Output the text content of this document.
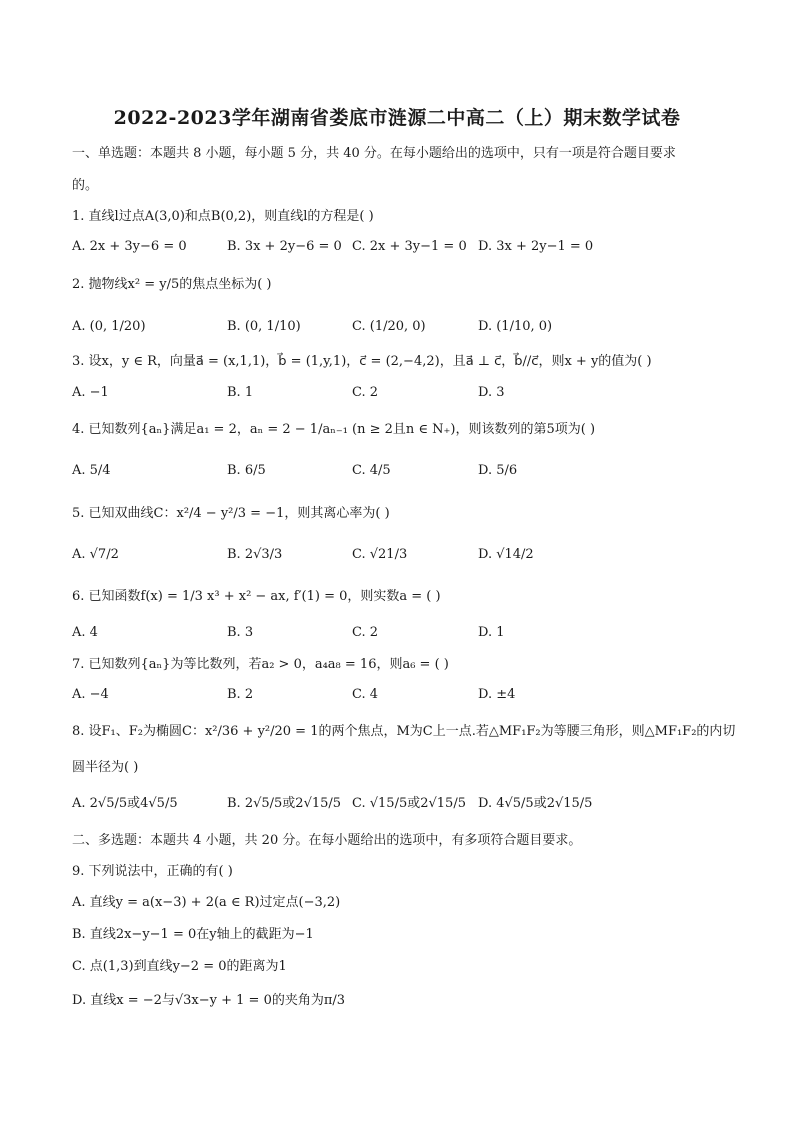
2022-2023学年湖南省娄底市涟源二中高二（上）期末数学试卷
一、单选题：本题共 8 小题，每小题 5 分，共 40 分。在每小题给出的选项中，只有一项是符合题目要求
的。
1. 直线l过点A(3,0)和点B(0,2)，则直线l的方程是( )
A. 2x + 3y−6 = 0	B. 3x + 2y−6 = 0 C. 2x + 3y−1 = 0 D. 3x + 2y−1 = 0
2. 抛物线x² = y/5的焦点坐标为( )
A. (0, 1/20)	B. (0, 1/10)	C. (1/20, 0)	D. (1/10, 0)
3. 设x，y ∈ R，向量a⃗ = (x,1,1)，b⃗ = (1,y,1)，c⃗ = (2,−4,2)，且a⃗ ⊥ c⃗，b⃗//c⃗，则x + y的值为( )
A. −1	B. 1	C. 2	D. 3
4. 已知数列{aₙ}满足a₁ = 2，aₙ = 2 − 1/aₙ₋₁ (n ≥ 2且n ∈ N₊)，则该数列的第5项为( )
A. 5/4	B. 6/5	C. 4/5	D. 5/6
5. 已知双曲线C：x²/4 − y²/3 = −1，则其离心率为( )
A. √7/2	B. 2√3/3	C. √21/3	D. √14/2
6. 已知函数f(x) = 1/3 x³ + x² − ax, f′(1) = 0，则实数a = ( )
A. 4	B. 3	C. 2	D. 1
7. 已知数列{aₙ}为等比数列，若a₂ > 0，a₄a₈ = 16，则a₆ = ( )
A. −4	B. 2	C. 4	D. ±4
8. 设F₁、F₂为椭圆C：x²/36 + y²/20 = 1的两个焦点，M为C上一点.若△MF₁F₂为等腰三角形，则△MF₁F₂的内切
圆半径为( )
A. 2√5/5或4√5/5	B. 2√5/5或2√15/5 C. √15/5或2√15/5 D. 4√5/5或2√15/5
二、多选题：本题共 4 小题，共 20 分。在每小题给出的选项中，有多项符合题目要求。
9. 下列说法中，正确的有( )
A. 直线y = a(x−3) + 2(a ∈ R)过定点(−3,2)
B. 直线2x−y−1 = 0在y轴上的截距为−1
C. 点(1,3)到直线y−2 = 0的距离为1
D. 直线x = −2与√3x−y + 1 = 0的夹角为π/3
